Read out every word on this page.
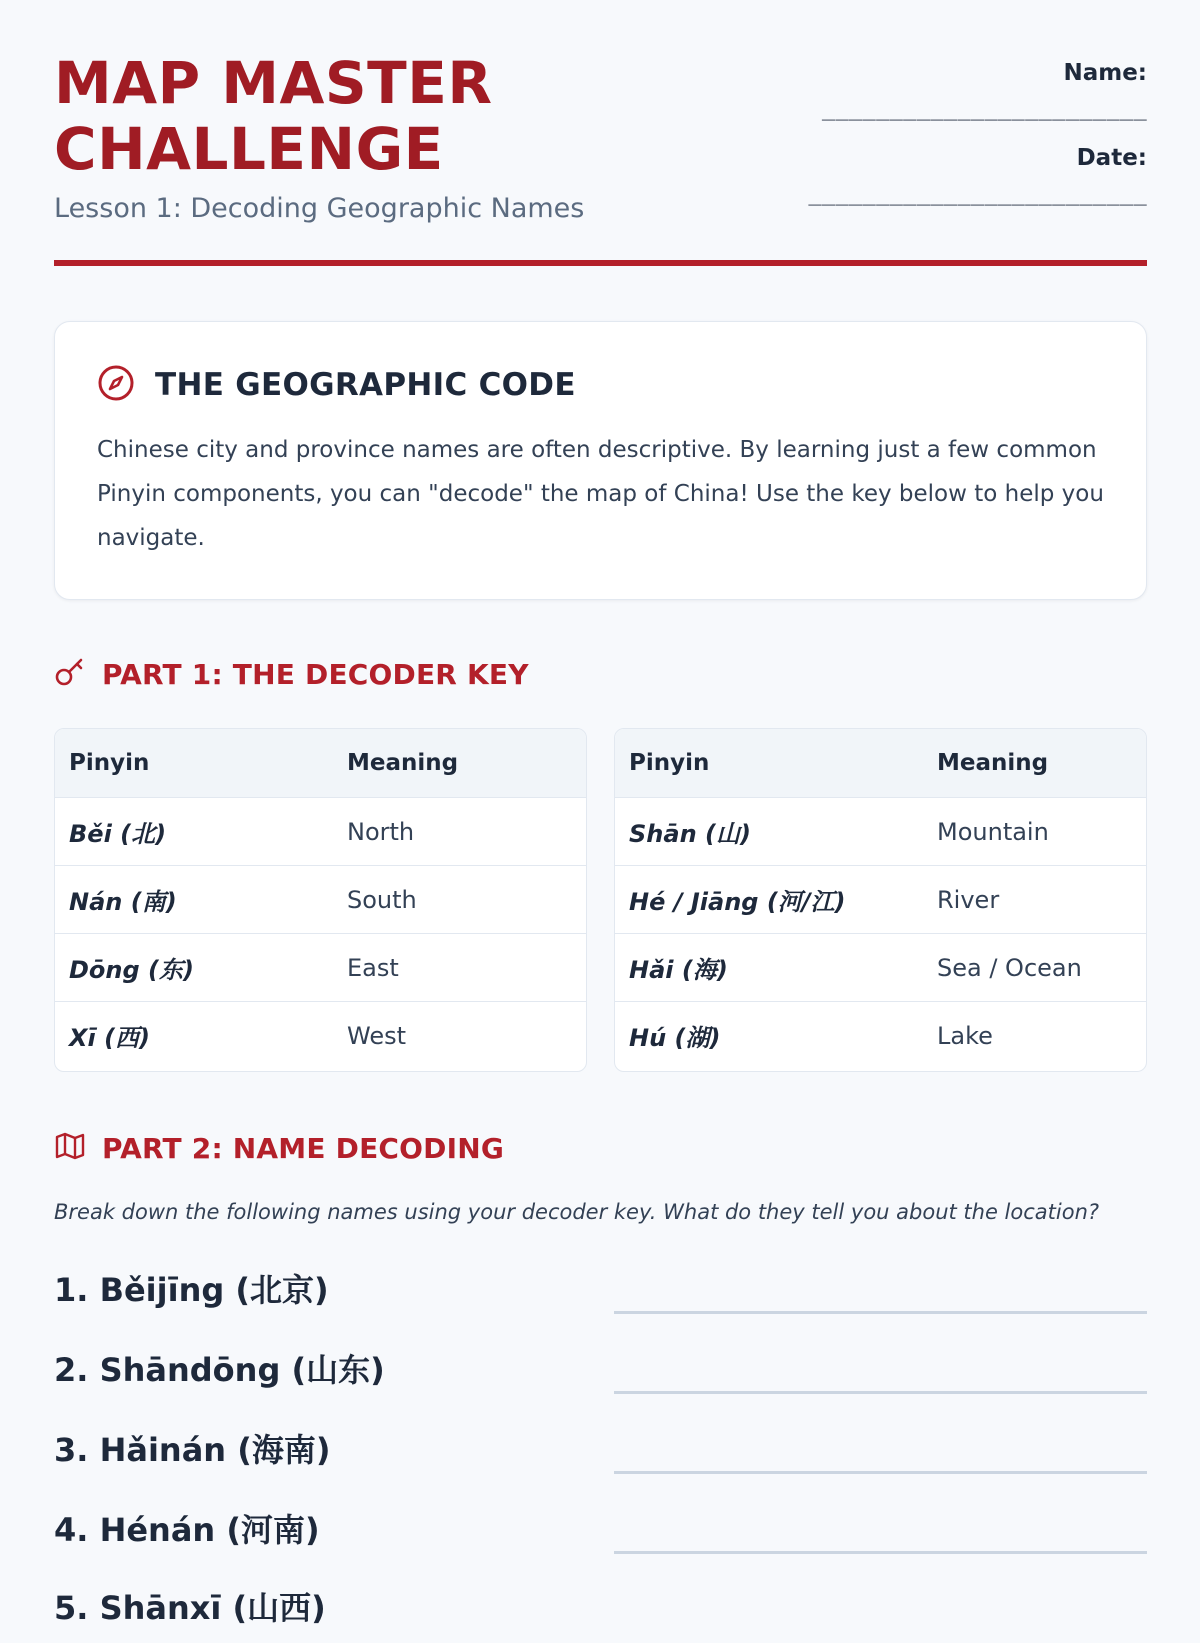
MAP MASTER CHALLENGE
Lesson 1: Decoding Geographic Names
Name:
________________________
Date:
_________________________
THE GEOGRAPHIC CODE
Chinese city and province names are often descriptive. By learning just a few common Pinyin components, you can "decode" the map of China! Use the key below to help you navigate.
PART 1: THE DECODER KEY
Pinyin	Meaning
Běi (北)	North
Nán (南)	South
Dōng (东)	East
Xī (西)	West
Pinyin	Meaning
Shān (山)	Mountain
Hé / Jiāng (河/江)	River
Hǎi (海)	Sea / Ocean
Hú (湖)	Lake
PART 2: NAME DECODING
Break down the following names using your decoder key. What do they tell you about the location?
1. Běijīng (北京)
2. Shāndōng (山东)
3. Hǎinán (海南)
4. Hénán (河南)
5. Shānxī (山西)
